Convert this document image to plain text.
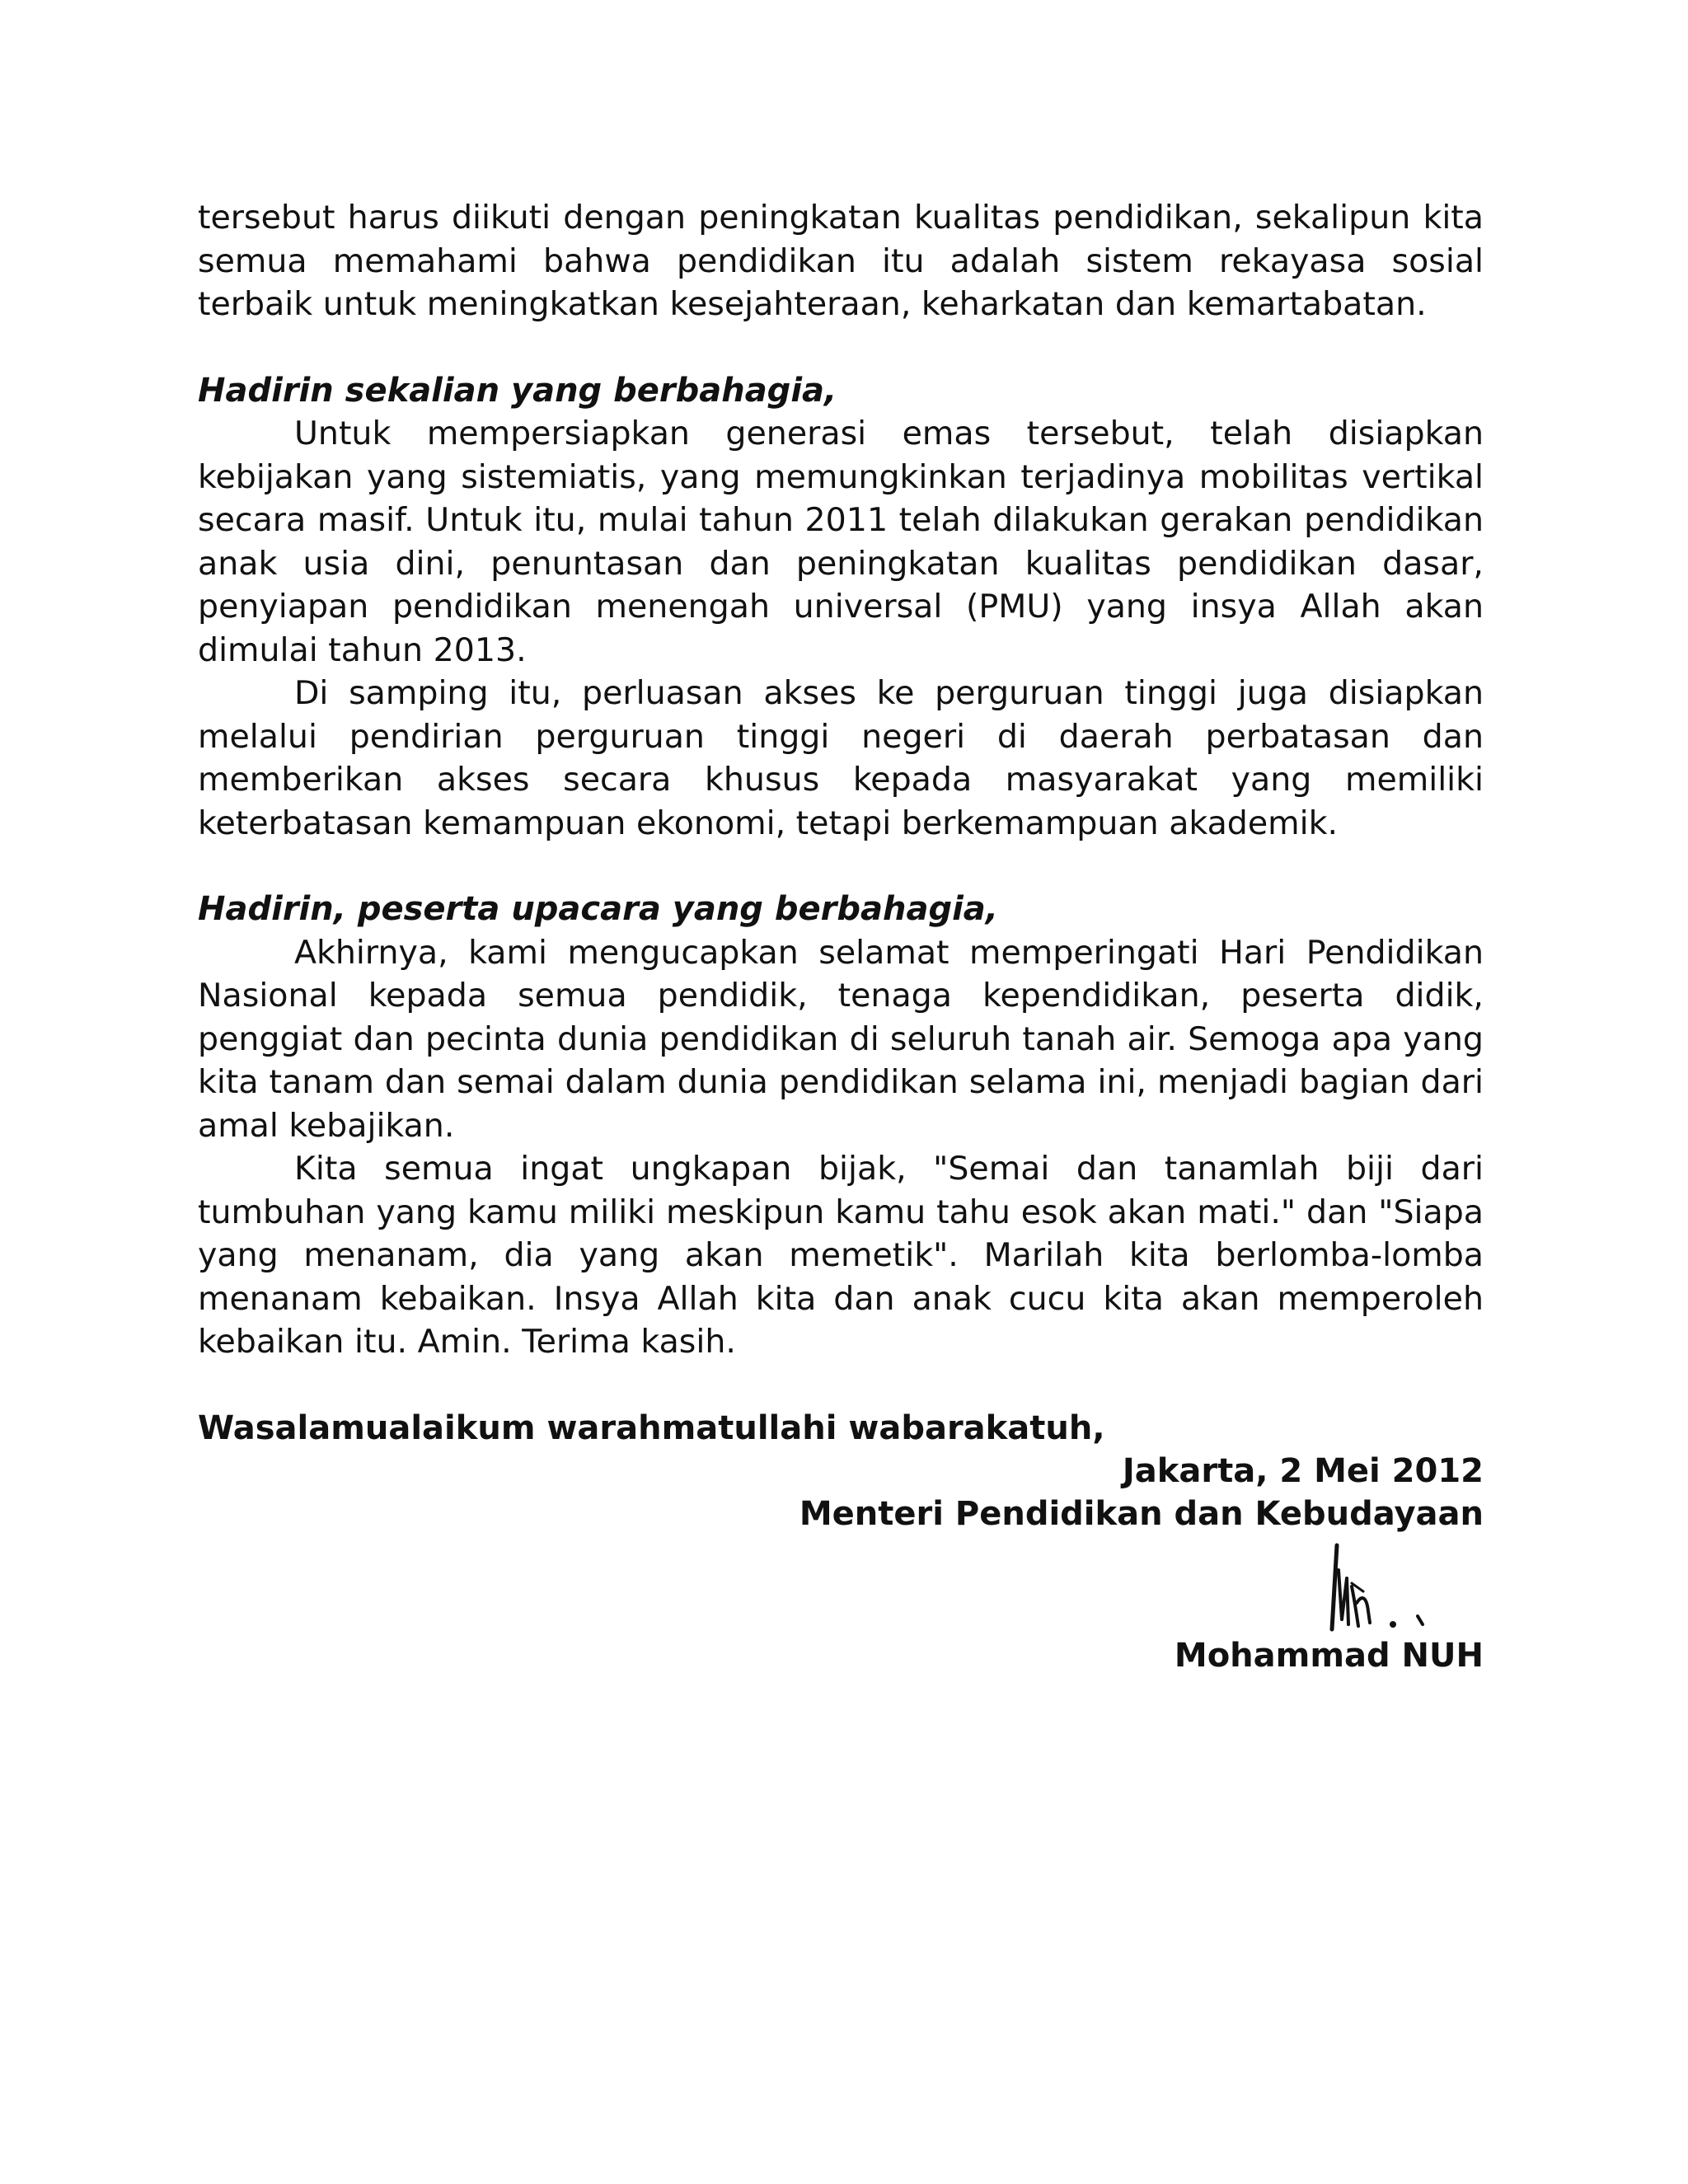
tersebut harus diikuti dengan peningkatan kualitas pendidikan, sekalipun kita semua memahami bahwa pendidikan itu adalah sistem rekayasa sosial terbaik untuk meningkatkan kesejahteraan, keharkatan dan kemartabatan.

Hadirin sekalian yang berbahagia,

Untuk mempersiapkan generasi emas tersebut, telah disiapkan kebijakan yang sistemiatis, yang memungkinkan terjadinya mobilitas vertikal secara masif. Untuk itu, mulai tahun 2011 telah dilakukan gerakan pendidikan anak usia dini, penuntasan dan peningkatan kualitas pendidikan dasar, penyiapan pendidikan menengah universal (PMU) yang insya Allah akan dimulai tahun 2013.

Di samping itu, perluasan akses ke perguruan tinggi juga disiapkan melalui pendirian perguruan tinggi negeri di daerah perbatasan dan memberikan akses secara khusus kepada masyarakat yang memiliki keterbatasan kemampuan ekonomi, tetapi berkemampuan akademik.

Hadirin, peserta upacara yang berbahagia,

Akhirnya, kami mengucapkan selamat memperingati Hari Pendidikan Nasional kepada semua pendidik, tenaga kependidikan, peserta didik, penggiat dan pecinta dunia pendidikan di seluruh tanah air. Semoga apa yang kita tanam dan semai dalam dunia pendidikan selama ini, menjadi bagian dari amal kebajikan.

Kita semua ingat ungkapan bijak, "Semai dan tanamlah biji dari tumbuhan yang kamu miliki meskipun kamu tahu esok akan mati." dan "Siapa yang menanam, dia yang akan memetik". Marilah kita berlomba-lomba menanam kebaikan. Insya Allah kita dan anak cucu kita akan memperoleh kebaikan itu. Amin. Terima kasih.

Wasalamualaikum warahmatullahi wabarakatuh,
Jakarta, 2 Mei 2012
Menteri Pendidikan dan Kebudayaan
Mohammad NUH
